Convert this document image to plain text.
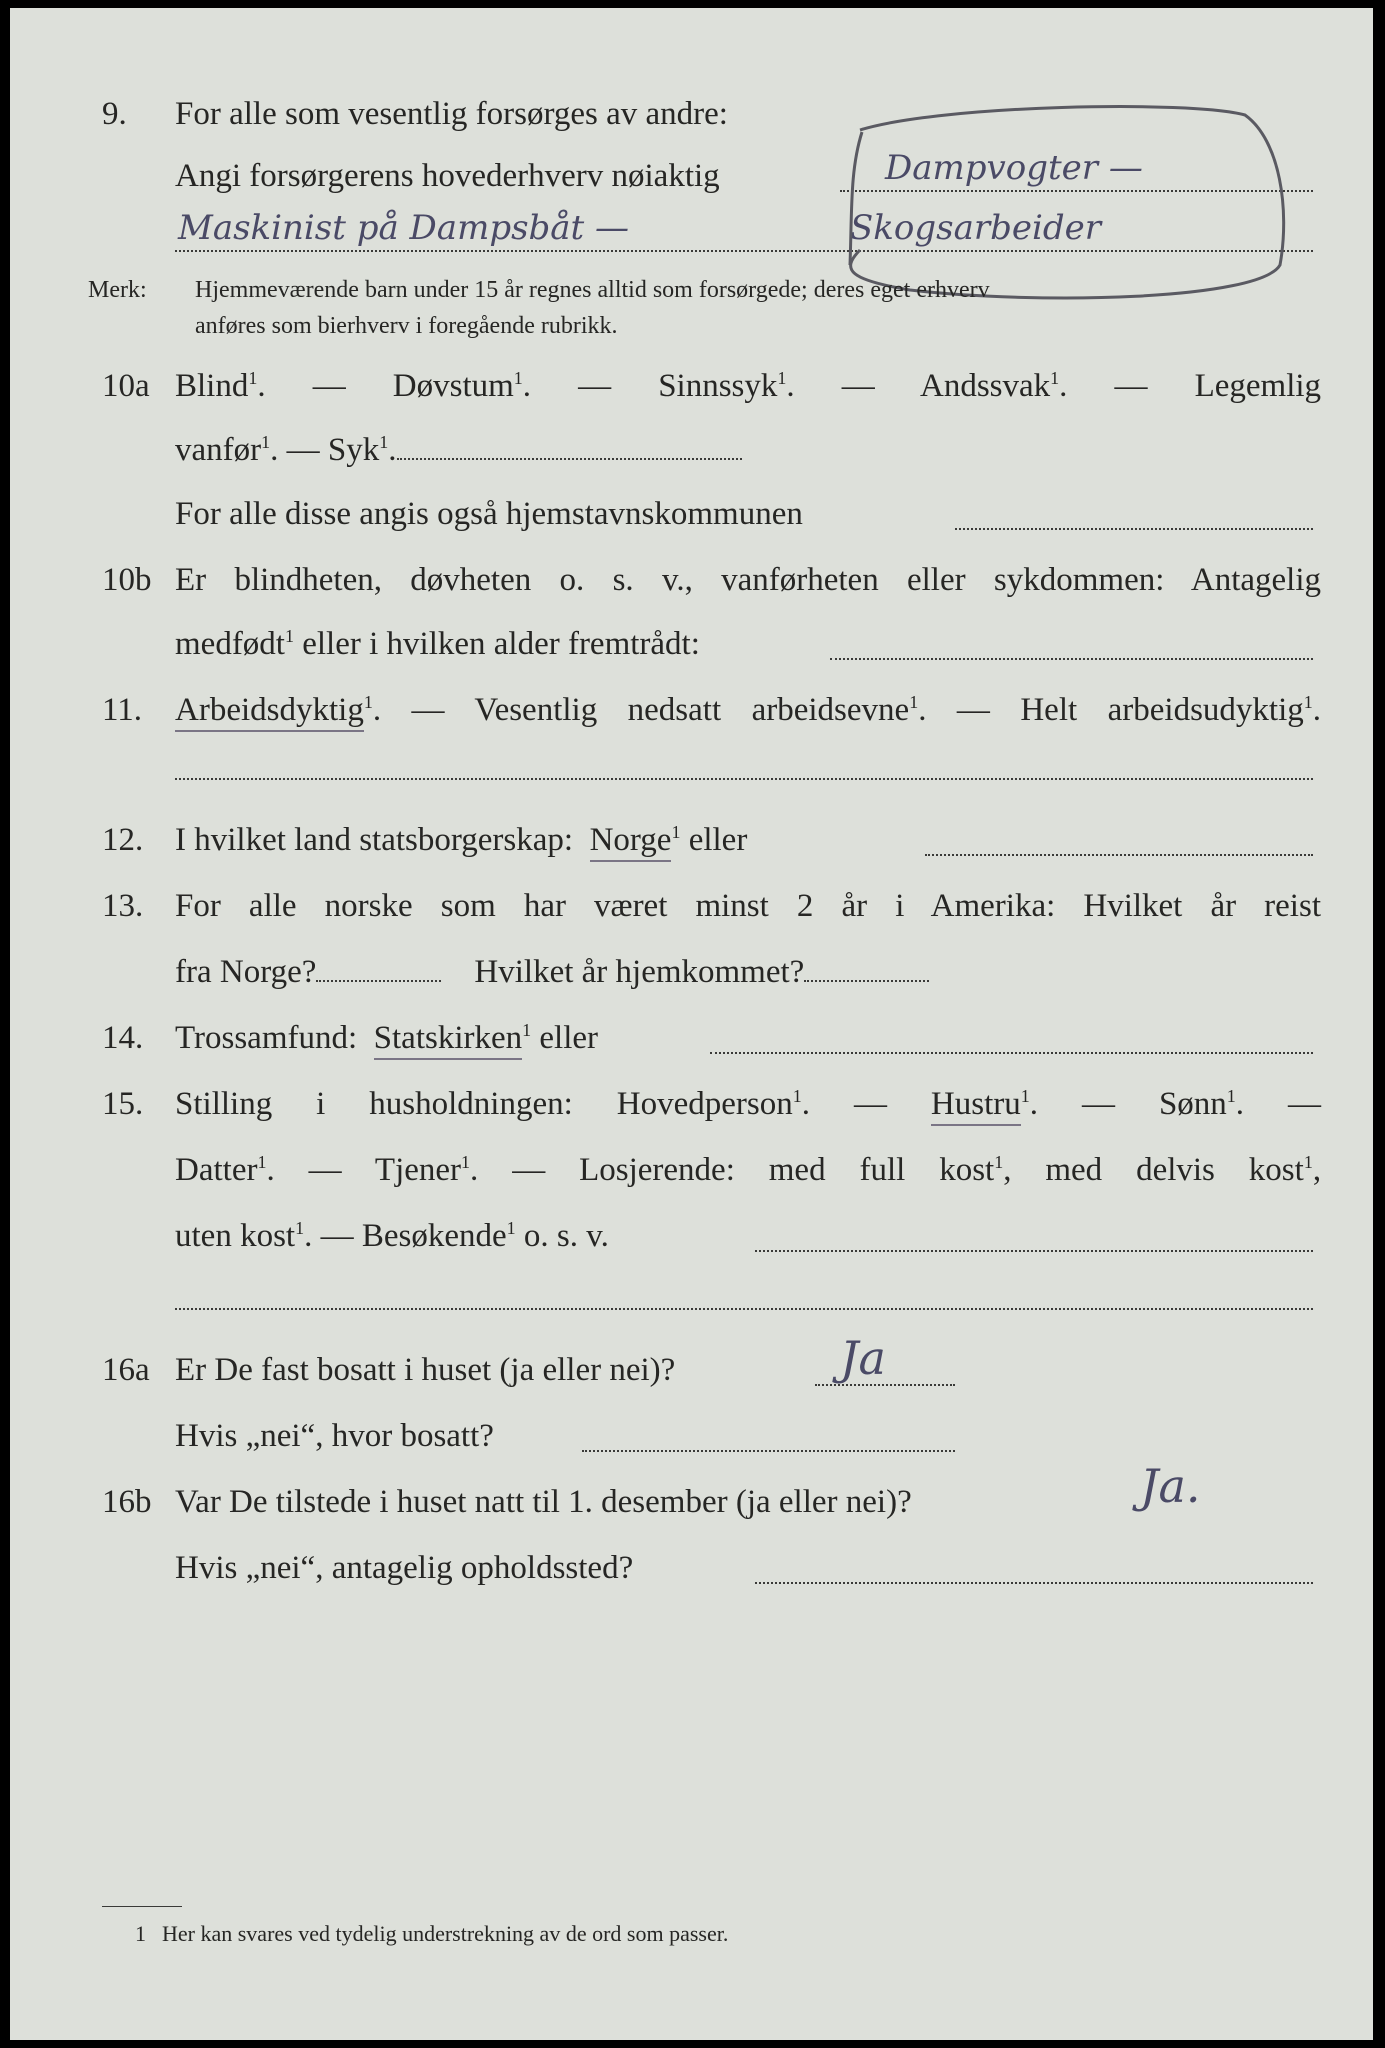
9.	For alle som vesentlig forsørges av andre:
Angi forsørgerens hovederhverv nøiaktig	Dampvogter —
Maskinist på Dampsbåt —	Skogsarbeider
Merk: Hjemmeværende barn under 15 år regnes alltid som forsørgede; deres eget erhverv
anføres som bierhverv i foregående rubrikk.
10a Blind$^1$. — Døvstum$^1$. — Sinnssyk$^1$. — Andssvak$^1$. — Legemlig
vanfør$^1$. — Syk$^1$.
For alle disse angis også hjemstavnskommunen
10b Er blindheten, døvheten o. s. v., vanførheten eller sykdommen: Antagelig
medfødt$^1$ eller i hvilken alder fremtrådt:
11. Arbeidsdyktig$^1$. — Vesentlig nedsatt arbeidsevne$^1$. — Helt arbeidsudyktig$^1$.
12. I hvilket land statsborgerskap: Norge$^1$ eller
13. For alle norske som har været minst 2 år i Amerika: Hvilket år reist
fra Norge?	Hvilket år hjemkommet?
14. Trossamfund: Statskirken$^1$ eller
15. Stilling i husholdningen: Hovedperson$^1$. — Hustru$^1$. — Sønn$^1$. —
Datter$^1$. — Tjener$^1$. — Losjerende: med full kost$^1$, med delvis kost$^1$,
uten kost$^1$. — Besøkende$^1$ o. s. v.
16a Er De fast bosatt i huset (ja eller nei)?	Ja
Hvis „nei“, hvor bosatt?
16b Var De tilstede i huset natt til 1. desember (ja eller nei)?	Ja.
Hvis „nei“, antagelig opholdssted?
1 Her kan svares ved tydelig understrekning av de ord som passer.
